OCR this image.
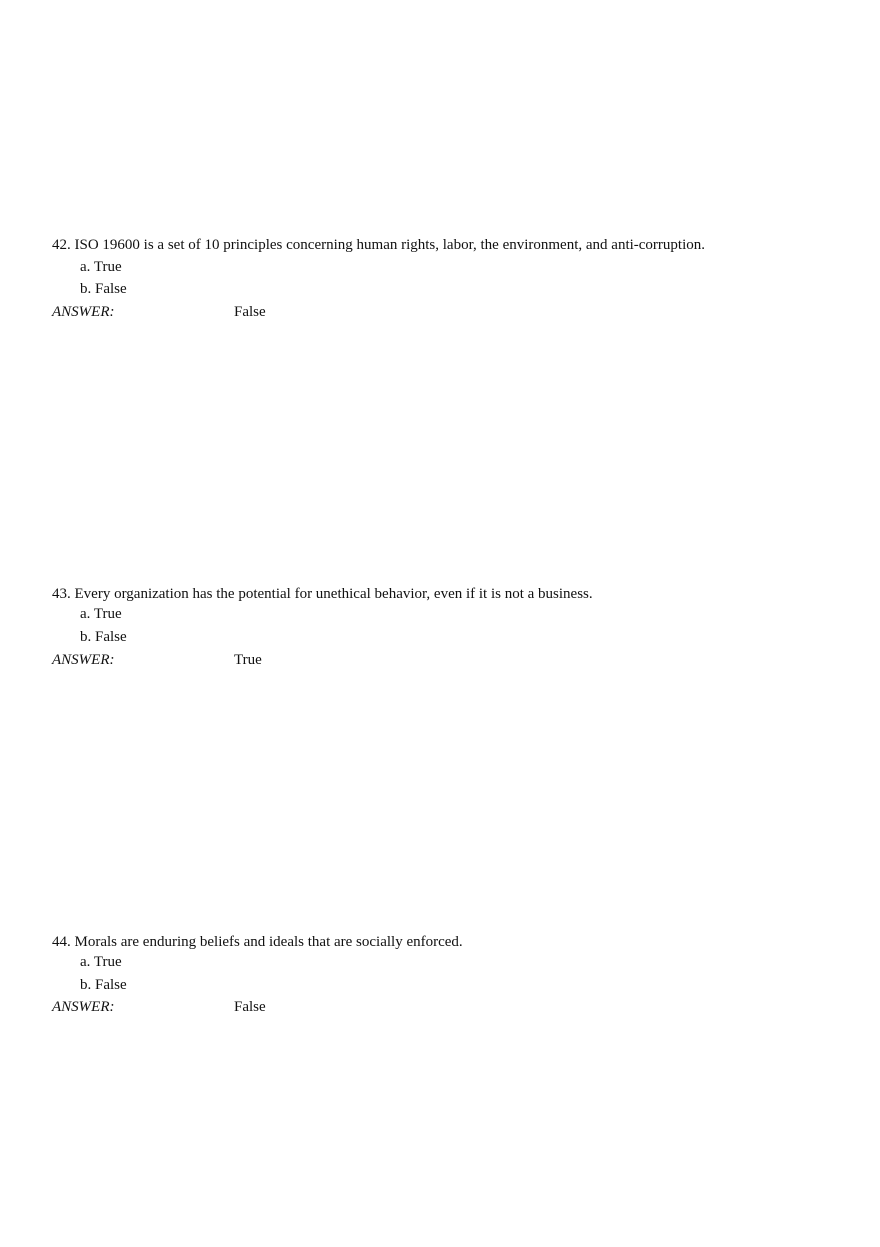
42. ISO 19600 is a set of 10 principles concerning human rights, labor, the environment, and anti-corruption.
a. True
b. False
ANSWER:	False
43. Every organization has the potential for unethical behavior, even if it is not a business.
a. True
b. False
ANSWER:	True
44. Morals are enduring beliefs and ideals that are socially enforced.
a. True
b. False
ANSWER:	False
